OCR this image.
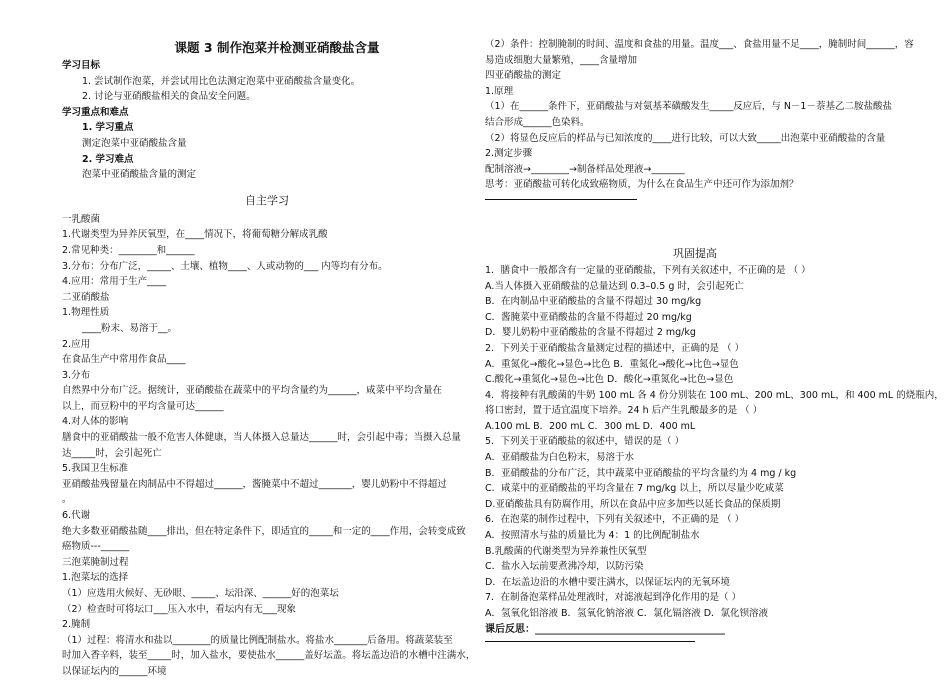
课题 3 制作泡菜并检测亚硝酸盐含量
学习目标
1. 尝试制作泡菜，并尝试用比色法测定泡菜中亚硝酸盐含量变化。
2. 讨论与亚硝酸盐相关的食品安全问题。
学习重点和难点
1. 学习重点
测定泡菜中亚硝酸盐含量
2. 学习难点
泡菜中亚硝酸盐含量的测定
自主学习
一乳酸菌
1.代谢类型为异养厌氧型，在____情况下，将葡萄糖分解成乳酸
2.常见种类：________和______
3.分布：分布广泛，_____、土壤、植物____、人或动物的___ 内等均有分布。
4.应用：常用于生产____
二亚硝酸盐
1.物理性质
____粉末、易溶于__。
2.应用
在食品生产中常用作食品____
3.分布
自然界中分布广泛。据统计，亚硝酸盐在蔬菜中的平均含量约为______，咸菜中平均含量在
以上，而豆粉中的平均含量可达______
4.对人体的影响
膳食中的亚硝酸盐一般不危害人体健康，当人体摄入总量达______时，会引起中毒；当摄入总量
达_____时，会引起死亡
5.我国卫生标准
亚硝酸盐残留量在肉制品中不得超过______，酱腌菜中不超过_______，婴儿奶粉中不得超过
。
6.代谢
绝大多数亚硝酸盐随____排出，但在特定条件下，即适宜的_____和一定的____作用，会转变成致
癌物质---______
三泡菜腌制过程
1.泡菜坛的选择
（1）应选用火候好、无砂眼、_____、坛沿深、______好的泡菜坛
（2）检查时可将坛口___压入水中，看坛内有无___现象
2.腌制
（1）过程：将清水和盐以________的质量比例配制盐水。将盐水_______后备用。将蔬菜装至
时加入香辛料，装至_____时，加入盐水，要使盐水______盖好坛盖。将坛盖边沿的水槽中注满水，
以保证坛内的______环境
（2）条件：控制腌制的时间、温度和食盐的用量。温度___、食盐用量不足____，腌制时间______，容
易造成细胞大量繁殖，____含量增加
四亚硝酸盐的测定
1.原理
（1）在______条件下，亚硝酸盐与对氨基苯磺酸发生_____反应后，与 N－1－萘基乙二胺盐酸盐
结合形成______色染料。
（2）将显色反应后的样品与已知浓度的____进行比较，可以大致_____出泡菜中亚硝酸盐的含量
2.测定步骤
配制溶液→________→制备样品处理液→_______
思考：亚硝酸盐可转化成致癌物质，为什么在食品生产中还可作为添加剂？
巩固提高
1．膳食中一般都含有一定量的亚硝酸盐，下列有关叙述中，不正确的是 （ ）
A.当人体摄入亚硝酸盐的总量达到 0.3–0.5 g 时，会引起死亡
B．在肉制品中亚硝酸盐的含量不得超过 30 mg/kg
C．酱腌菜中亚硝酸盐的含量不得超过 20 mg/kg
D．婴儿奶粉中亚硝酸盐的含量不得超过 2 mg/kg
2．下列关于亚硝酸盐含量测定过程的描述中，正确的是 （ ）
A．重氮化→酸化→显色→比色 B．重氮化→酸化→比色→显色
C.酸化→重氮化→显色→比色 D．酸化→重氮化→比色→显色
4．将接种有乳酸菌的牛奶 100 mL 各 4 份分别装在 100 mL、200 mL、300 mL，和 400 mL 的烧瓶内，
将口密封，置于适宜温度下培养。24 h 后产生乳酸最多的是 （ ）
A.100 mL B．200 mL C．300 mL D．400 mL
5．下列关于亚硝酸盐的叙述中，错误的是（ ）
A．亚硝酸盐为白色粉末，易溶于水
B．亚硝酸盐的分布广泛，其中蔬菜中亚硝酸盐的平均含量约为 4 mg / kg
C．咸菜中的亚硝酸盐的平均含量在 7 mg/kg 以上，所以尽量少吃咸菜
D.亚硝酸盐具有防腐作用，所以在食品中应多加些以延长食品的保质期
6．在泡菜的制作过程中，下列有关叙述中，不正确的是 （ ）
A．按照清水与盐的质量比为 4：1 的比例配制盐水
B.乳酸菌的代谢类型为异养兼性厌氧型
C．盐水入坛前要煮沸冷却，以防污染
D．在坛盖边沿的水槽中要注满水，以保证坛内的无氧环境
7．在制备泡菜样品处理液时，对滤液起到净化作用的是（ ）
A．氢氧化铝溶液 B．氢氧化钠溶液 C．氯化镉溶液 D．氯化钡溶液
课后反思：______________________________________
